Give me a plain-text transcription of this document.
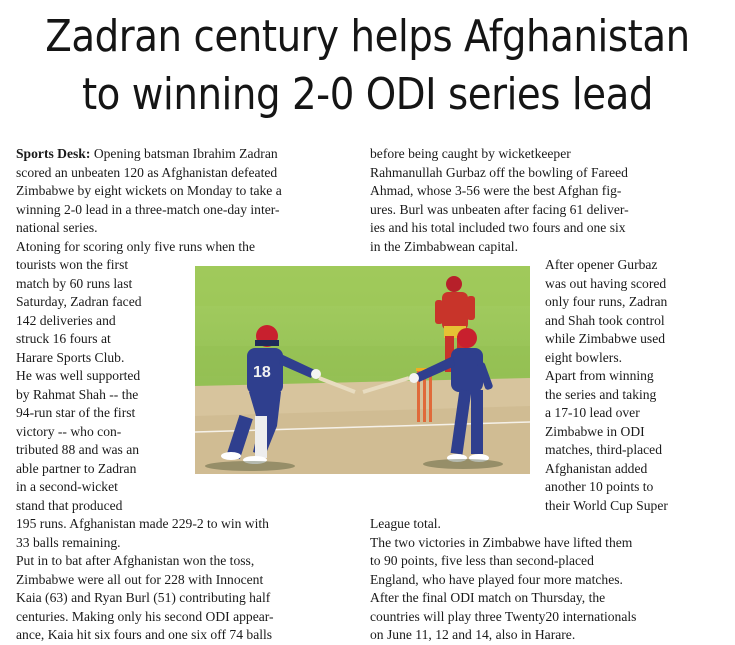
Zadran century helps Afghanistan
to winning 2-0 ODI series lead
Sports Desk: Opening batsman Ibrahim Zadran
scored an unbeaten 120 as Afghanistan defeated
Zimbabwe by eight wickets on Monday to take a
winning 2-0 lead in a three-match one-day inter-
national series.
Atoning for scoring only five runs when the
tourists won the first
match by 60 runs last
Saturday, Zadran faced
142 deliveries and
struck 16 fours at
Harare Sports Club.
He was well supported
by Rahmat Shah -- the
94-run star of the first
victory -- who con-
tributed 88 and was an
able partner to Zadran
in a second-wicket
stand that produced
195 runs. Afghanistan made 229-2 to win with
33 balls remaining.
Put in to bat after Afghanistan won the toss,
Zimbabwe were all out for 228 with Innocent
Kaia (63) and Ryan Burl (51) contributing half
centuries. Making only his second ODI appear-
ance, Kaia hit six fours and one six off 74 balls
before being caught by wicketkeeper
Rahmanullah Gurbaz off the bowling of Fareed
Ahmad, whose 3-56 were the best Afghan fig-
ures. Burl was unbeaten after facing 61 deliver-
ies and his total included two fours and one six
in the Zimbabwean capital.
After opener Gurbaz
was out having scored
only four runs, Zadran
and Shah took control
while Zimbabwe used
eight bowlers.
Apart from winning
the series and taking
a 17-10 lead over
Zimbabwe in ODI
matches, third-placed
Afghanistan added
another 10 points to
their World Cup Super
League total.
The two victories in Zimbabwe have lifted them
to 90 points, five less than second-placed
England, who have played four more matches.
After the final ODI match on Thursday, the
countries will play three Twenty20 internationals
on June 11, 12 and 14, also in Harare.
18
